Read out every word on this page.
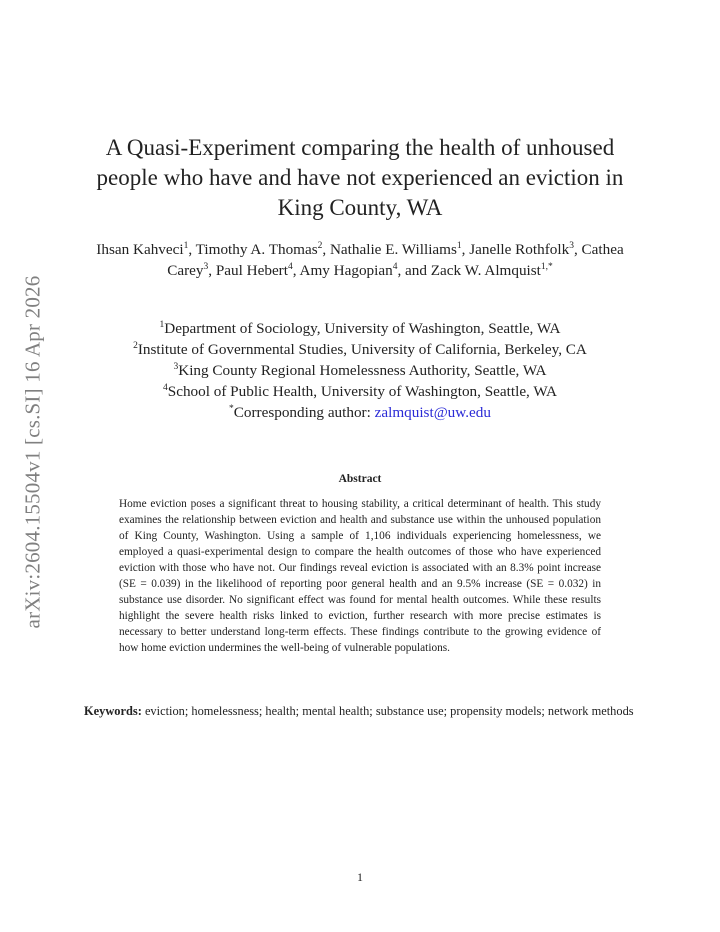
arXiv:2604.15504v1 [cs.SI] 16 Apr 2026
A Quasi-Experiment comparing the health of unhoused people who have and have not experienced an eviction in King County, WA
Ihsan Kahveci$^1$, Timothy A. Thomas$^2$, Nathalie E. Williams$^1$, Janelle Rothfolk$^3$, Cathea Carey$^3$, Paul Hebert$^4$, Amy Hagopian$^4$, and Zack W. Almquist$^{1,*}$
$^1$Department of Sociology, University of Washington, Seattle, WA
$^2$Institute of Governmental Studies, University of California, Berkeley, CA
$^3$King County Regional Homelessness Authority, Seattle, WA
$^4$School of Public Health, University of Washington, Seattle, WA
*Corresponding author: zalmquist@uw.edu
Abstract

Home eviction poses a significant threat to housing stability, a critical determinant of health. This study examines the relationship between eviction and health and substance use within the unhoused population of King County, Washington. Using a sample of 1,106 individuals experiencing homelessness, we employed a quasi-experimental design to compare the health outcomes of those who have experienced eviction with those who have not. Our findings reveal eviction is associated with an 8.3% point increase (SE = 0.039) in the likelihood of reporting poor general health and an 9.5% increase (SE = 0.032) in substance use disorder. No significant effect was found for mental health outcomes. While these results highlight the severe health risks linked to eviction, further research with more precise estimates is necessary to better understand long-term effects. These findings contribute to the growing evidence of how home eviction undermines the well-being of vulnerable populations.

Keywords: eviction; homelessness; health; mental health; substance use; propensity models; network methods

1
